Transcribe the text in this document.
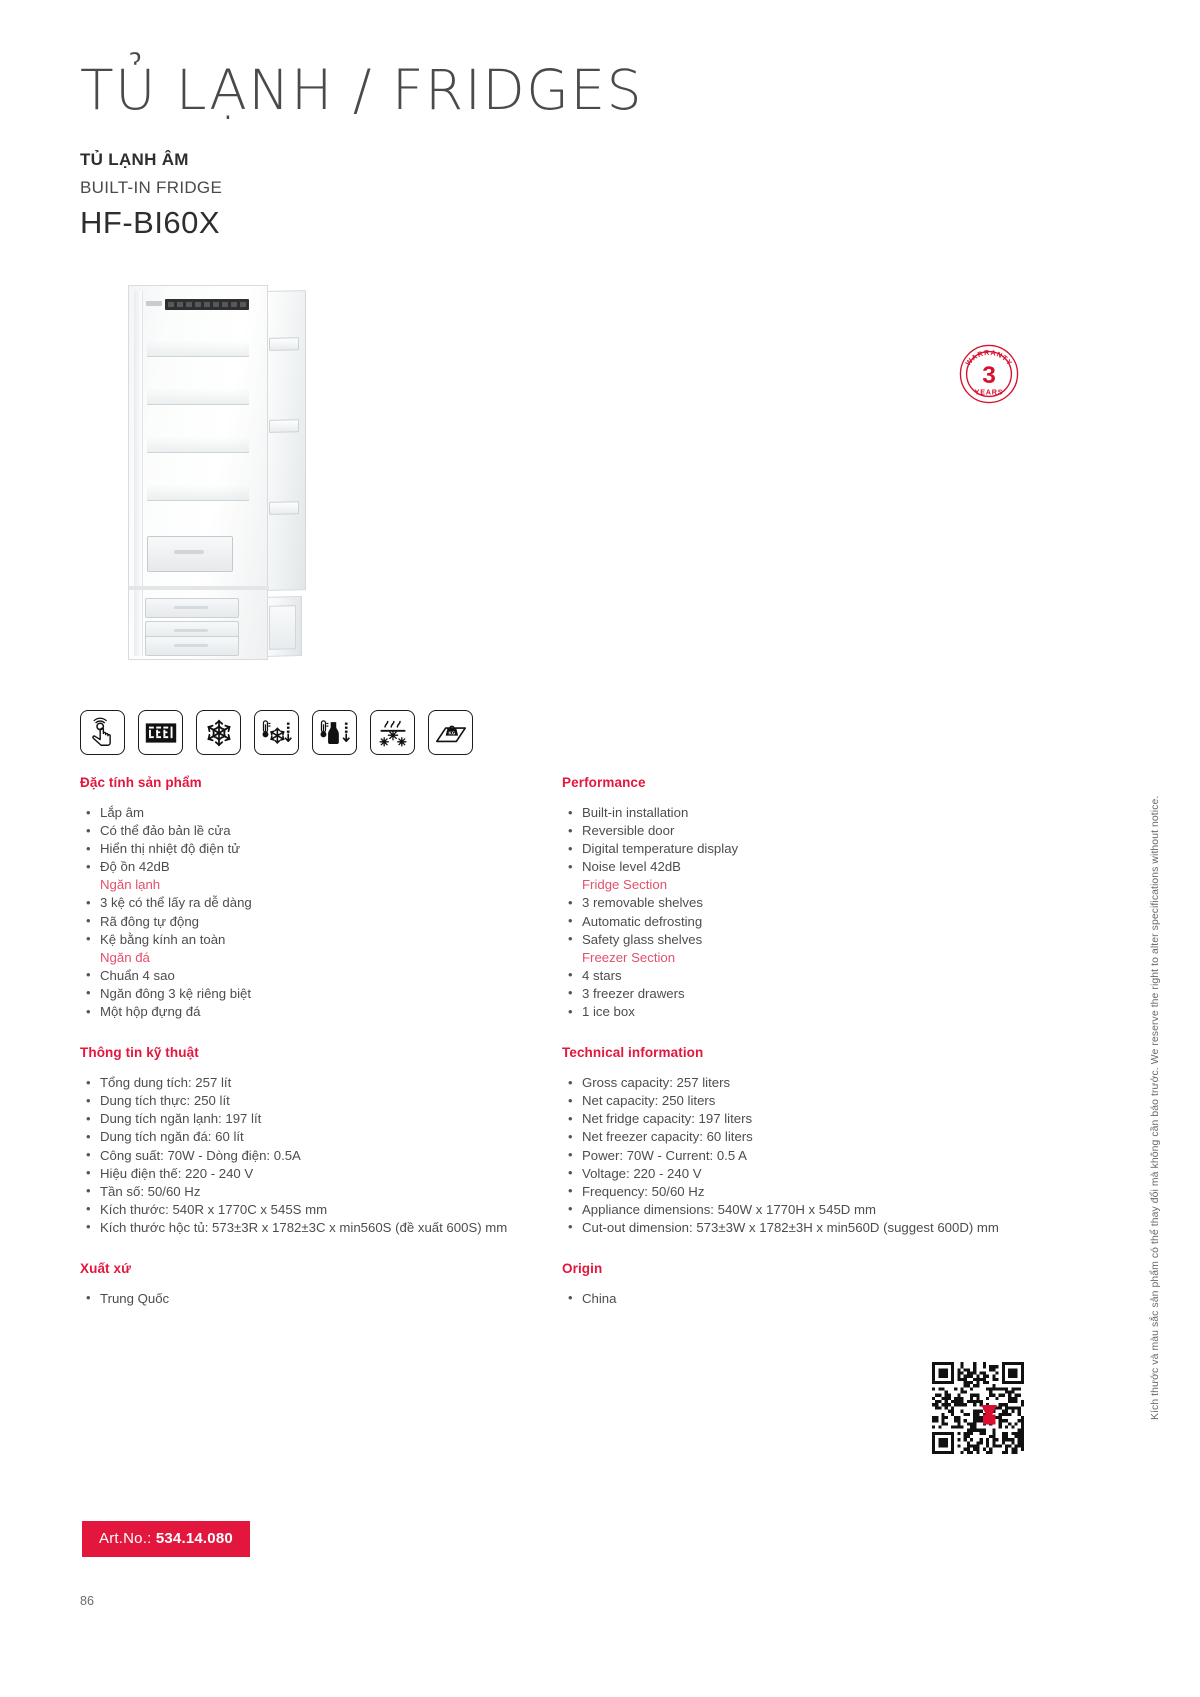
TỦ LẠNH / FRIDGES
TỦ LẠNH ÂM
BUILT-IN FRIDGE
HF-BI60X
WARRANTY
3
YEARS
KG
Đặc tính sản phẩm
• Lắp âm
• Có thể đảo bản lề cửa
• Hiển thị nhiệt độ điện tử
• Độ ồn 42dB
Ngăn lạnh
• 3 kệ có thể lấy ra dễ dàng
• Rã đông tự động
• Kệ bằng kính an toàn
Ngăn đá
• Chuẩn 4 sao
• Ngăn đông 3 kệ riêng biệt
• Một hộp đựng đá
Thông tin kỹ thuật
• Tổng dung tích: 257 lít
• Dung tích thực: 250 lít
• Dung tích ngăn lạnh: 197 lít
• Dung tích ngăn đá: 60 lít
• Công suất: 70W - Dòng điện: 0.5A
• Hiệu điện thế: 220 - 240 V
• Tần số: 50/60 Hz
• Kích thước: 540R x 1770C x 545S mm
• Kích thước hộc tủ: 573±3R x 1782±3C x min560S (đề xuất 600S) mm
Xuất xứ
• Trung Quốc
Performance
• Built-in installation
• Reversible door
• Digital temperature display
• Noise level 42dB
Fridge Section
• 3 removable shelves
• Automatic defrosting
• Safety glass shelves
Freezer Section
• 4 stars
• 3 freezer drawers
• 1 ice box
Technical information
• Gross capacity: 257 liters
• Net capacity: 250 liters
• Net fridge capacity: 197 liters
• Net freezer capacity: 60 liters
• Power: 70W - Current: 0.5 A
• Voltage: 220 - 240 V
• Frequency: 50/60 Hz
• Appliance dimensions: 540W x 1770H x 545D mm
• Cut-out dimension: 573±3W x 1782±3H x min560D (suggest 600D) mm
Origin
• China
Art.No.: 534.14.080
Kích thước và màu sắc sản phẩm có thể thay đổi mà không cần báo trước. We reserve the right to alter specifications without notice.
86
